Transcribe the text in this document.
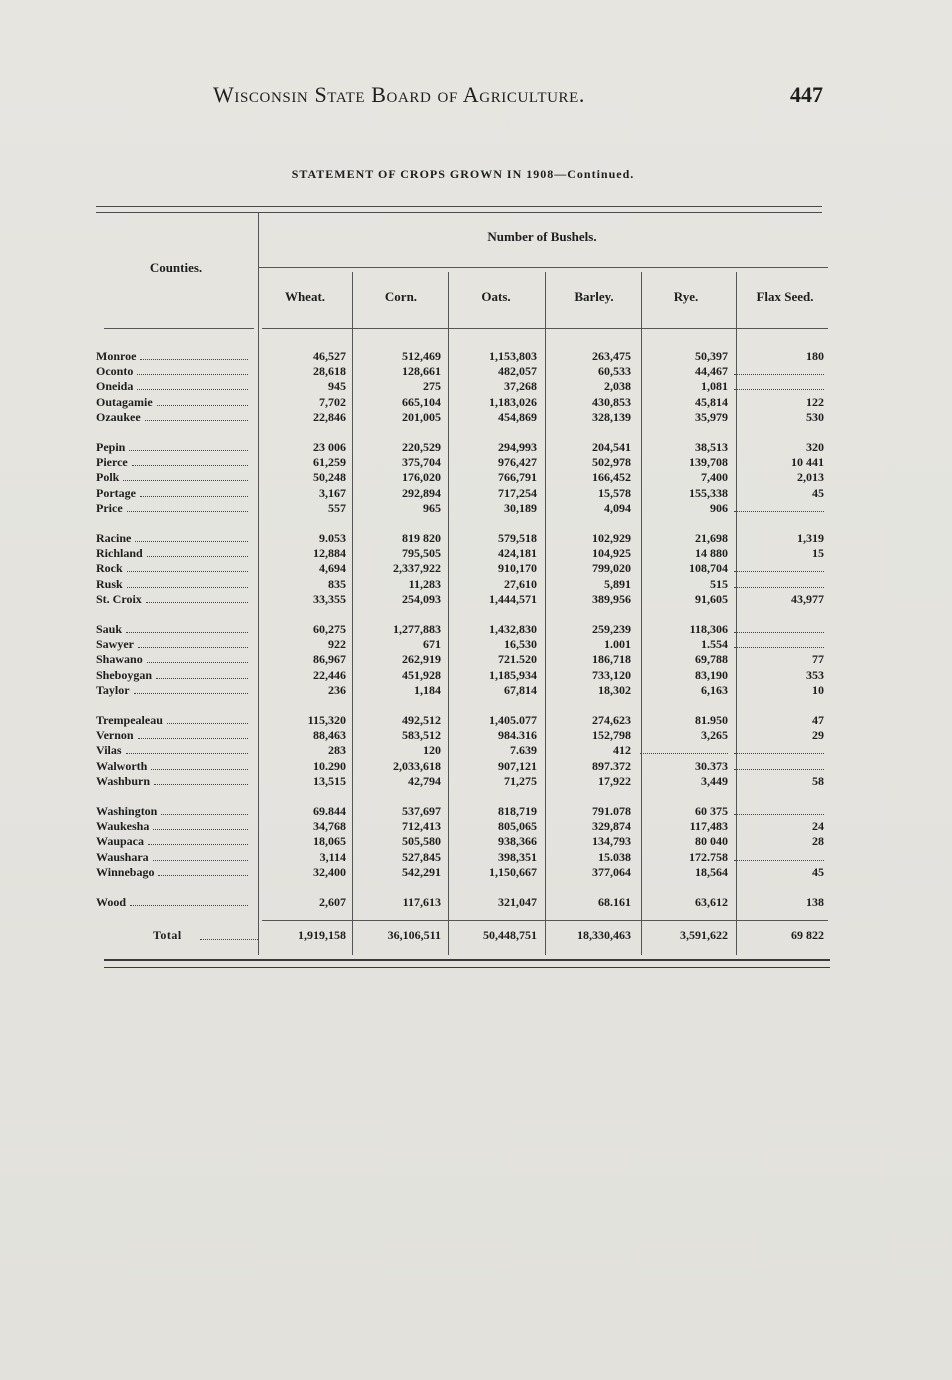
Wisconsin State Board of Agriculture.	447
STATEMENT OF CROPS GROWN IN 1908—Continued.
Counties.
Number of Bushels.
Wheat.	Corn.	Oats.	Barley.	Rye.	Flax Seed.
Monroe	46,527	512,469	1,153,803	263,475	50,397	180
Oconto	28,618	128,661	482,057	60,533	44,467	
Oneida	945	275	37,268	2,038	1,081	
Outagamie	7,702	665,104	1,183,026	430,853	45,814	122
Ozaukee	22,846	201,005	454,869	328,139	35,979	530

Pepin	23 006	220,529	294,993	204,541	38,513	320
Pierce	61,259	375,704	976,427	502,978	139,708	10 441
Polk	50,248	176,020	766,791	166,452	7,400	2,013
Portage	3,167	292,894	717,254	15,578	155,338	45
Price	557	965	30,189	4,094	906	

Racine	9.053	819 820	579,518	102,929	21,698	1,319
Richland	12,884	795,505	424,181	104,925	14 880	15
Rock	4,694	2,337,922	910,170	799,020	108,704	
Rusk	835	11,283	27,610	5,891	515	
St. Croix	33,355	254,093	1,444,571	389,956	91,605	43,977

Sauk	60,275	1,277,883	1,432,830	259,239	118,306	
Sawyer	922	671	16,530	1.001	1.554	
Shawano	86,967	262,919	721.520	186,718	69,788	77
Sheboygan	22,446	451,928	1,185,934	733,120	83,190	353
Taylor	236	1,184	67,814	18,302	6,163	10

Trempealeau	115,320	492,512	1,405.077	274,623	81.950	47
Vernon	88,463	583,512	984.316	152,798	3,265	29
Vilas	283	120	7.639	412		
Walworth	10.290	2,033,618	907,121	897.372	30.373	
Washburn	13,515	42,794	71,275	17,922	3,449	58

Washington	69.844	537,697	818,719	791.078	60 375	
Waukesha	34,768	712,413	805,065	329,874	117,483	24
Waupaca	18,065	505,580	938,366	134,793	80 040	28
Waushara	3,114	527,845	398,351	15.038	172.758	
Winnebago	32,400	542,291	1,150,667	377,064	18,564	45

Wood	2,607	117,613	321,047	68.161	63,612	138
Total	1,919,158	36,106,511	50,448,751	18,330,463	3,591,622	69 822
